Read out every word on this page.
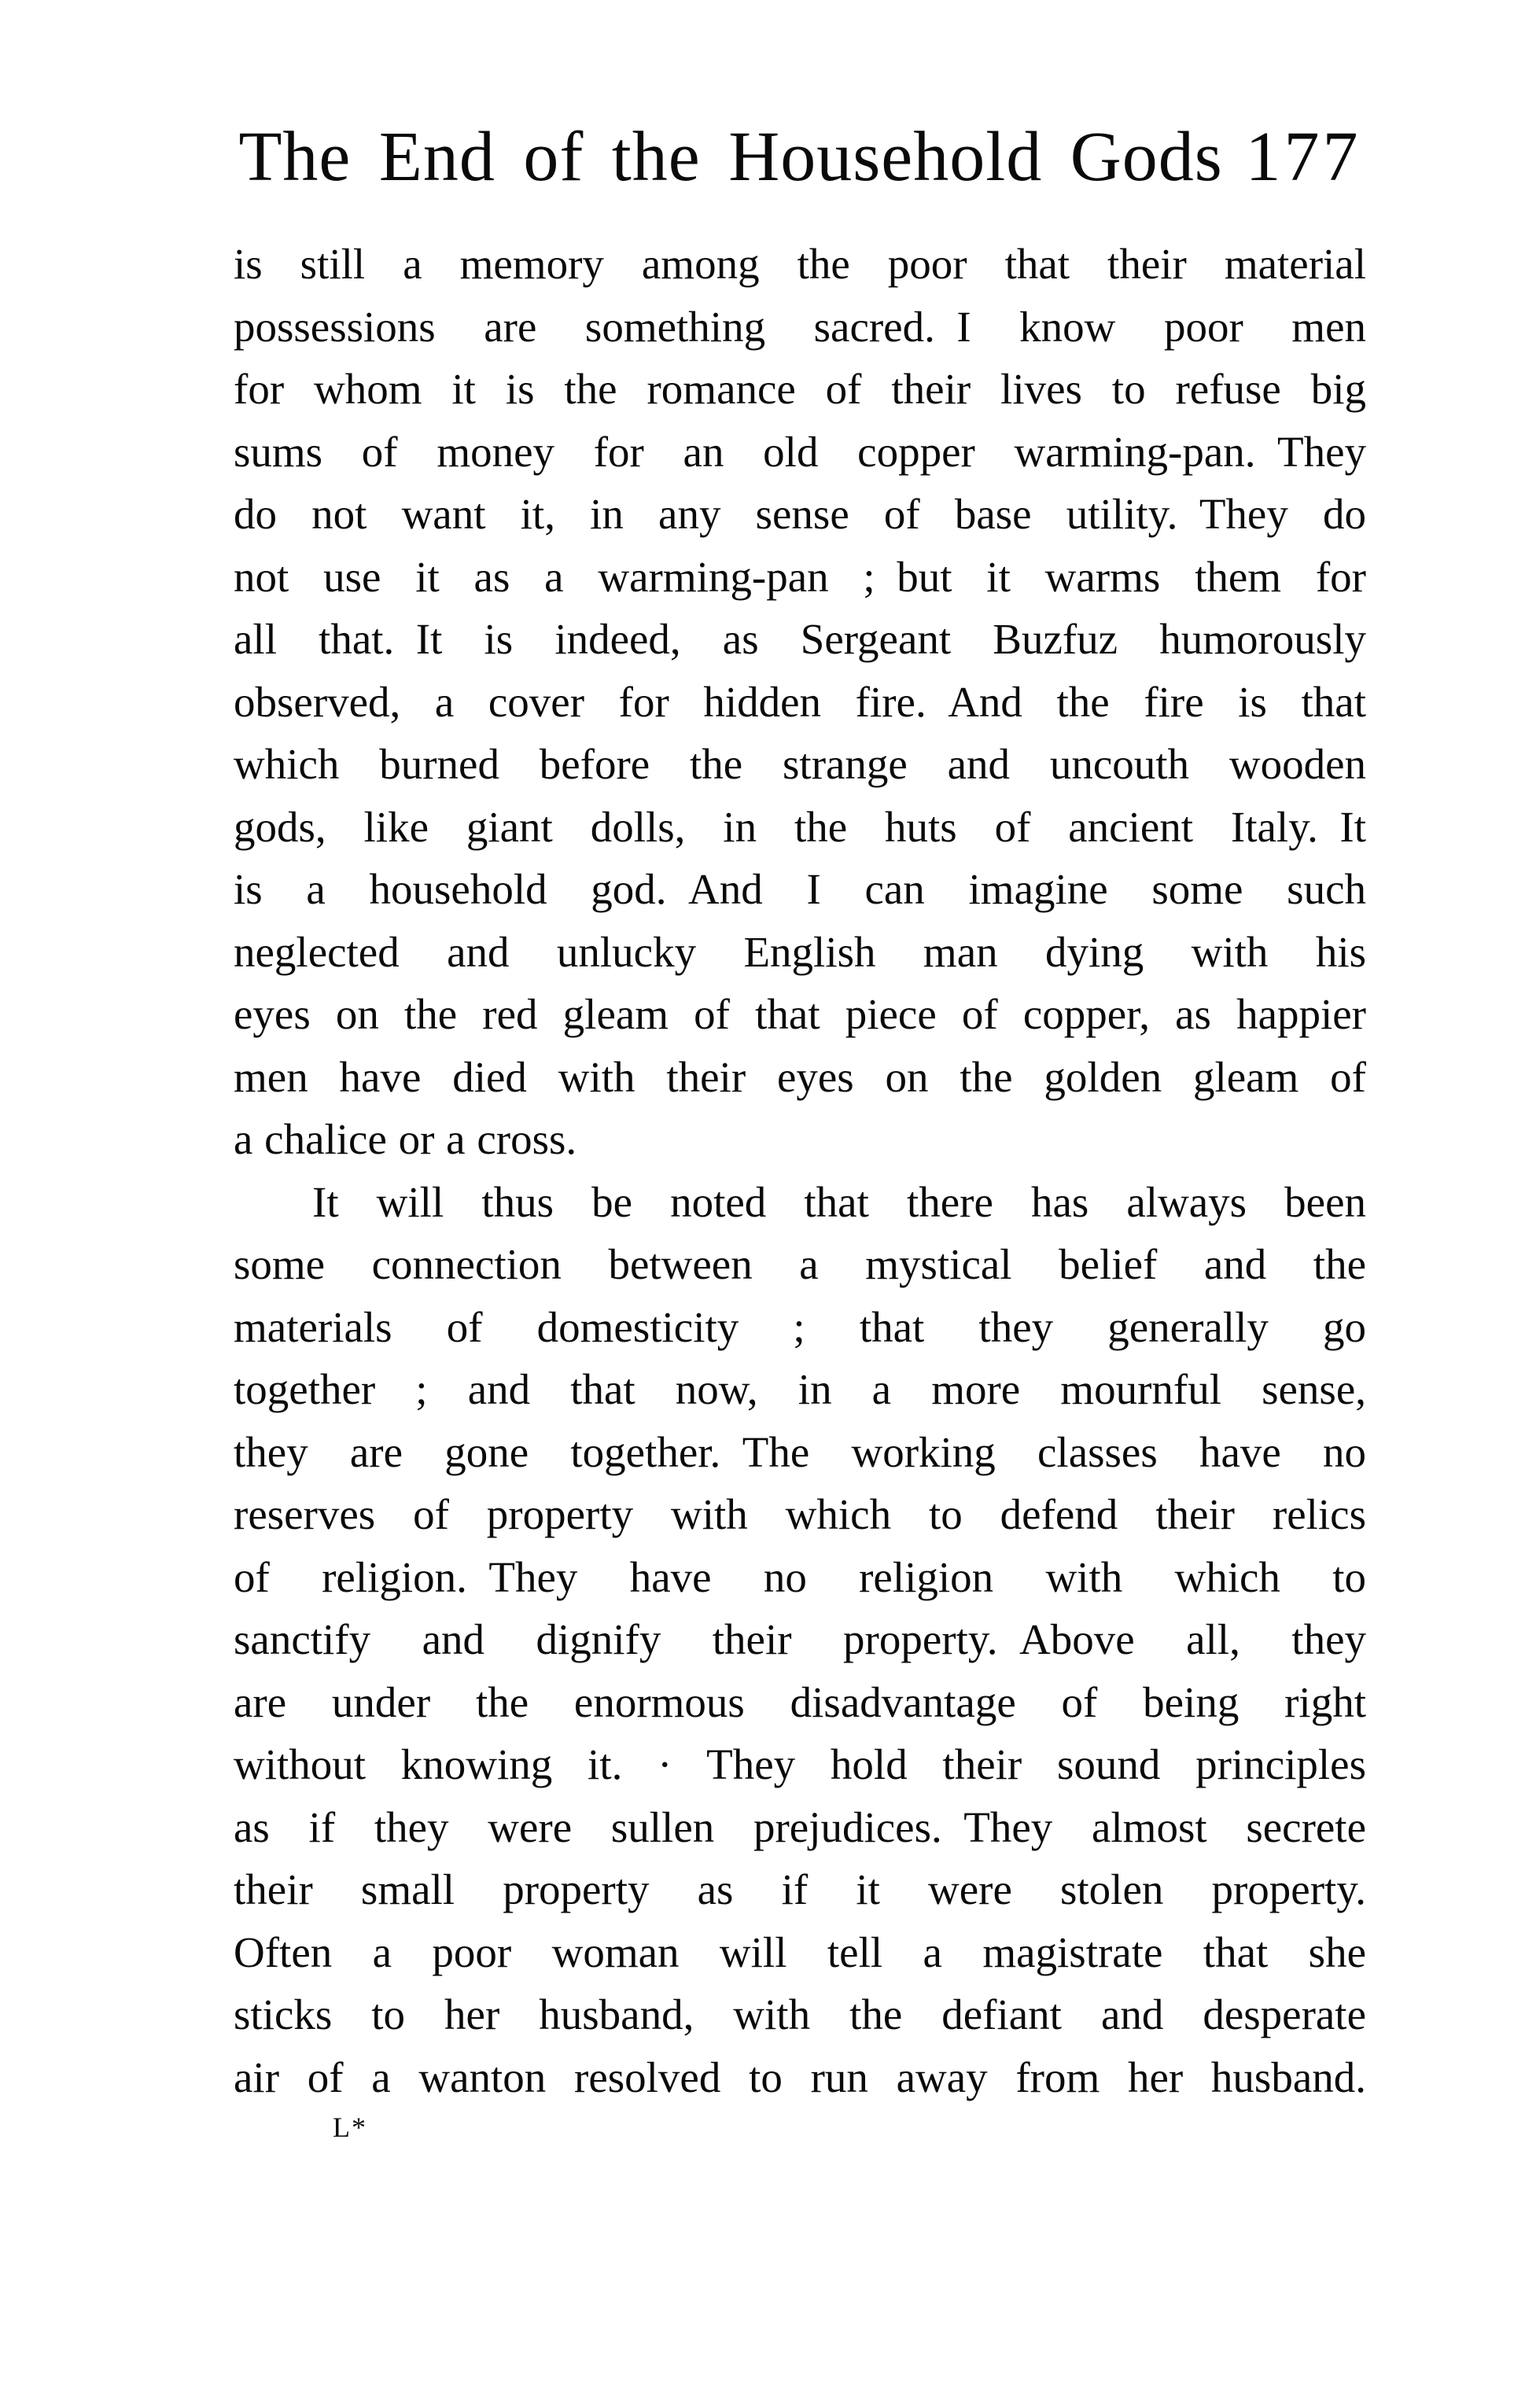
The End of the Household Gods 177
is still a memory among the poor that their material
possessions are something sacred. I know poor men
for whom it is the romance of their lives to refuse big
sums of money for an old copper warming-pan. They
do not want it, in any sense of base utility. They do
not use it as a warming-pan ; but it warms them for
all that. It is indeed, as Sergeant Buzfuz humorously
observed, a cover for hidden fire. And the fire is that
which burned before the strange and uncouth wooden
gods, like giant dolls, in the huts of ancient Italy. It
is a household god. And I can imagine some such
neglected and unlucky English man dying with his
eyes on the red gleam of that piece of copper, as happier
men have died with their eyes on the golden gleam of
a chalice or a cross.
It will thus be noted that there has always been
some connection between a mystical belief and the
materials of domesticity ; that they generally go
together ; and that now, in a more mournful sense,
they are gone together. The working classes have no
reserves of property with which to defend their relics
of religion. They have no religion with which to
sanctify and dignify their property. Above all, they
are under the enormous disadvantage of being right
without knowing it. · They hold their sound principles
as if they were sullen prejudices. They almost secrete
their small property as if it were stolen property.
Often a poor woman will tell a magistrate that she
sticks to her husband, with the defiant and desperate
air of a wanton resolved to run away from her husband.
L*
